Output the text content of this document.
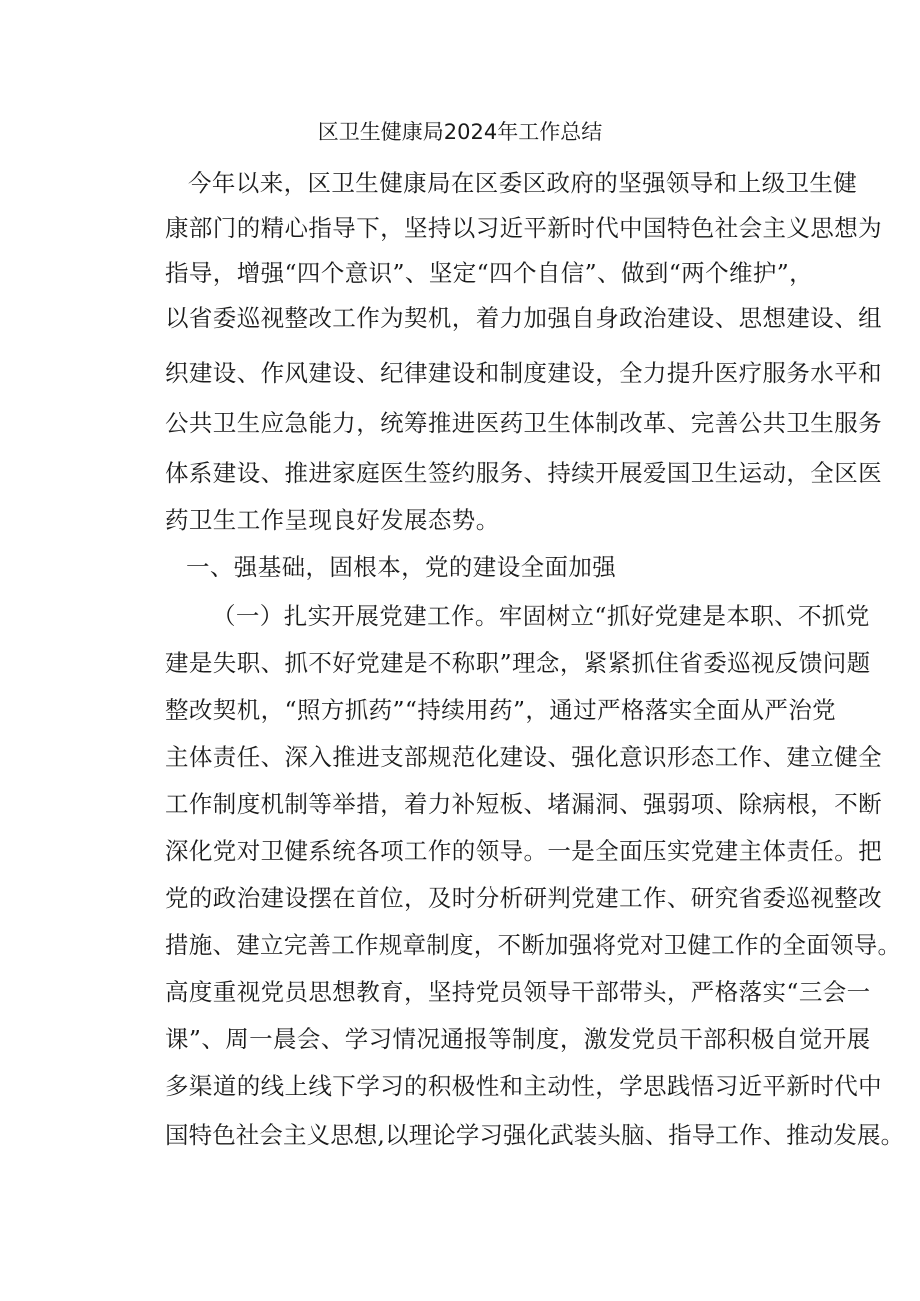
区卫生健康局2024年工作总结
今年以来，区卫生健康局在区委区政府的坚强领导和上级卫生健
康部门的精心指导下，坚持以习近平新时代中国特色社会主义思想为
指导，增强“四个意识”、坚定“四个自信”、做到“两个维护”，
以省委巡视整改工作为契机，着力加强自身政治建设、思想建设、组
织建设、作风建设、纪律建设和制度建设，全力提升医疗服务水平和
公共卫生应急能力，统筹推进医药卫生体制改革、完善公共卫生服务
体系建设、推进家庭医生签约服务、持续开展爱国卫生运动，全区医
药卫生工作呈现良好发展态势。
一、强基础，固根本，党的建设全面加强
（一）扎实开展党建工作。牢固树立“抓好党建是本职、不抓党
建是失职、抓不好党建是不称职”理念，紧紧抓住省委巡视反馈问题
整改契机，“照方抓药”“持续用药”，通过严格落实全面从严治党
主体责任、深入推进支部规范化建设、强化意识形态工作、建立健全
工作制度机制等举措，着力补短板、堵漏洞、强弱项、除病根，不断
深化党对卫健系统各项工作的领导。一是全面压实党建主体责任。把
党的政治建设摆在首位，及时分析研判党建工作、研究省委巡视整改
措施、建立完善工作规章制度，不断加强将党对卫健工作的全面领导。
高度重视党员思想教育，坚持党员领导干部带头，严格落实“三会一
课”、周一晨会、学习情况通报等制度，激发党员干部积极自觉开展
多渠道的线上线下学习的积极性和主动性，学思践悟习近平新时代中
国特色社会主义思想,以理论学习强化武装头脑、指导工作、推动发展。
